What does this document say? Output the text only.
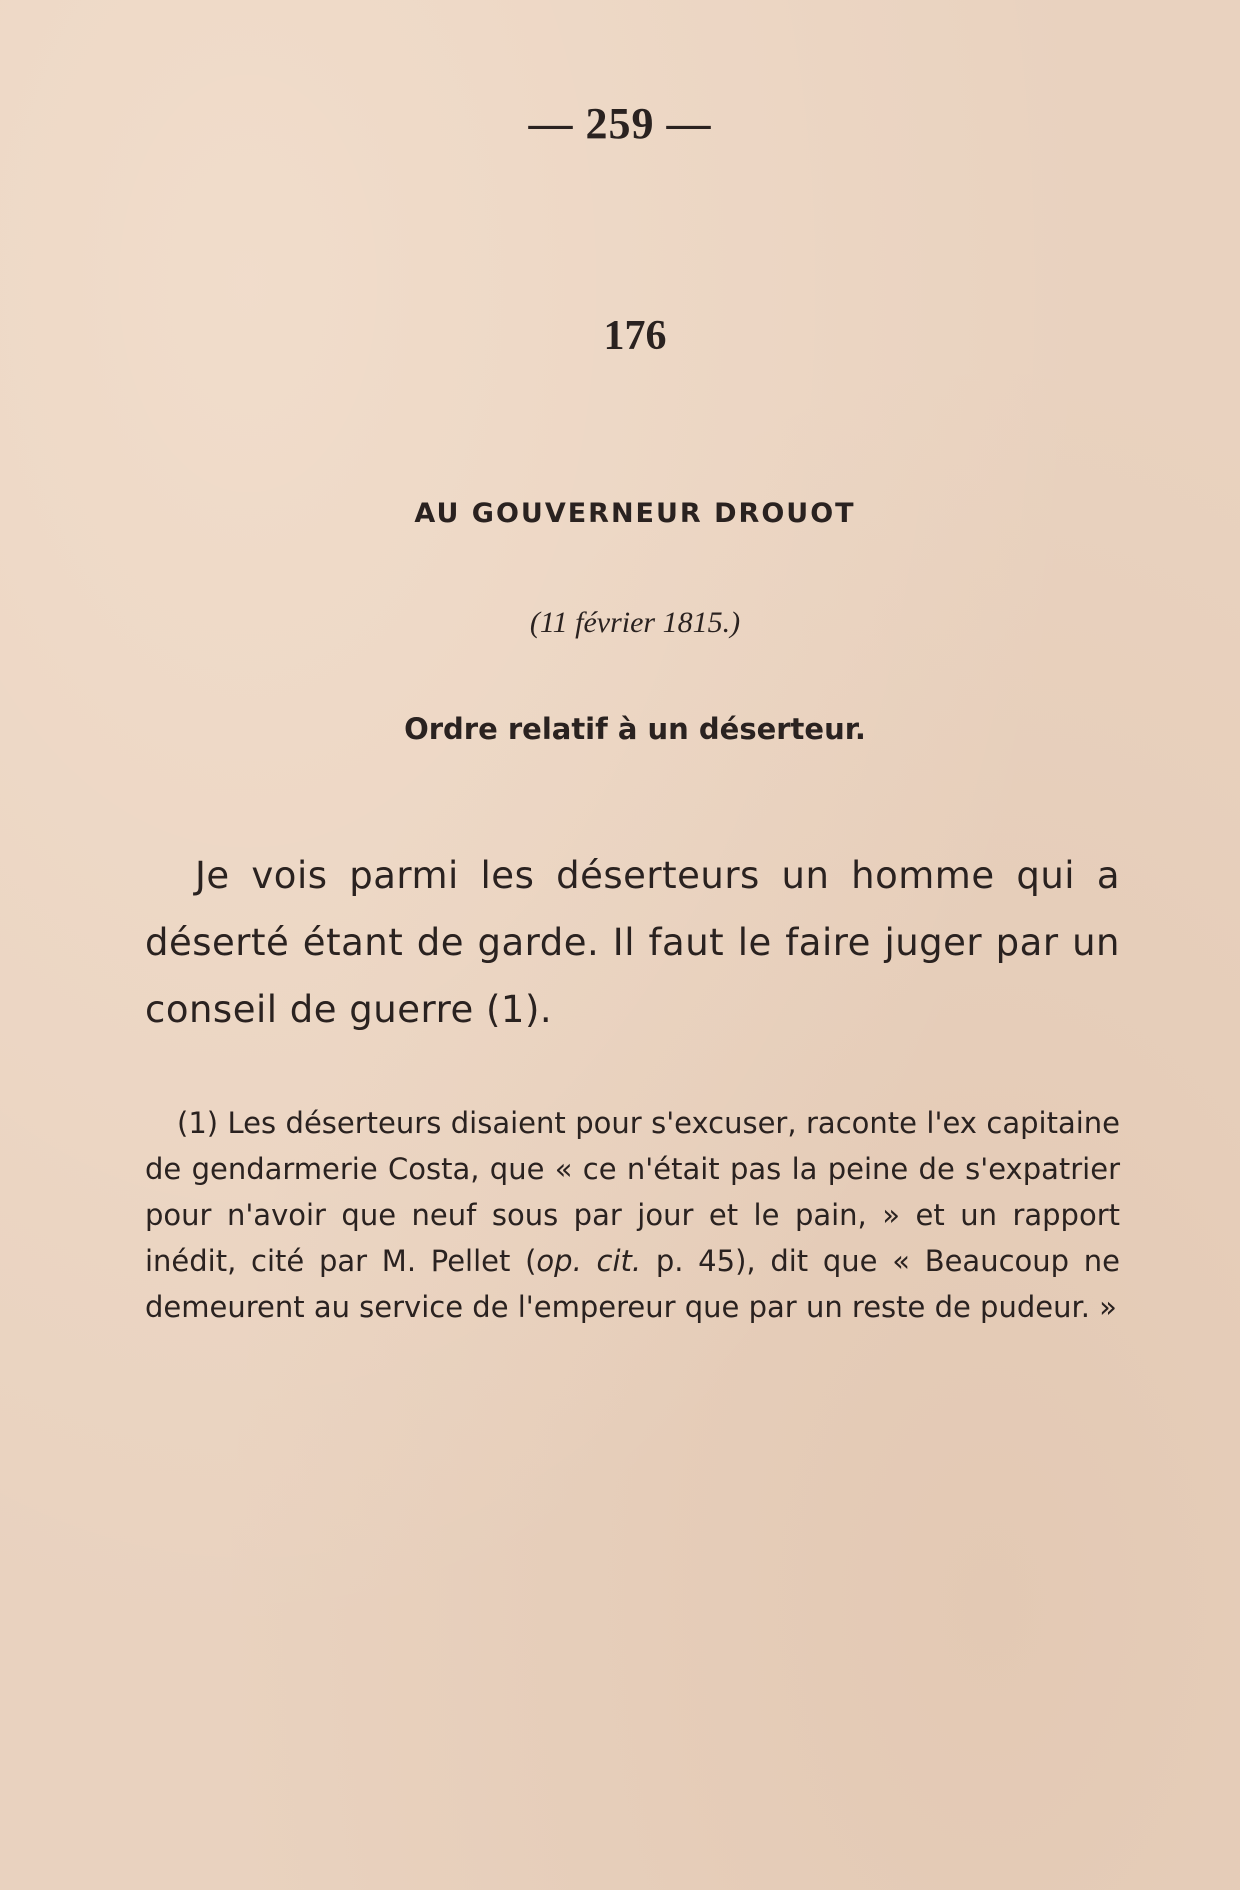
— 259 —
176
AU GOUVERNEUR DROUOT
(11 février 1815.)
Ordre relatif à un déserteur.

Je vois parmi les déserteurs un homme qui a déserté étant de garde. Il faut le faire juger par un conseil de guerre (1).

(1) Les déserteurs disaient pour s'excuser, raconte l'ex capitaine de gendarmerie Costa, que « ce n'était pas la peine de s'expatrier pour n'avoir que neuf sous par jour et le pain, » et un rapport inédit, cité par M. Pellet (op. cit. p. 45), dit que « Beaucoup ne demeurent au service de l'empereur que par un reste de pudeur. »
